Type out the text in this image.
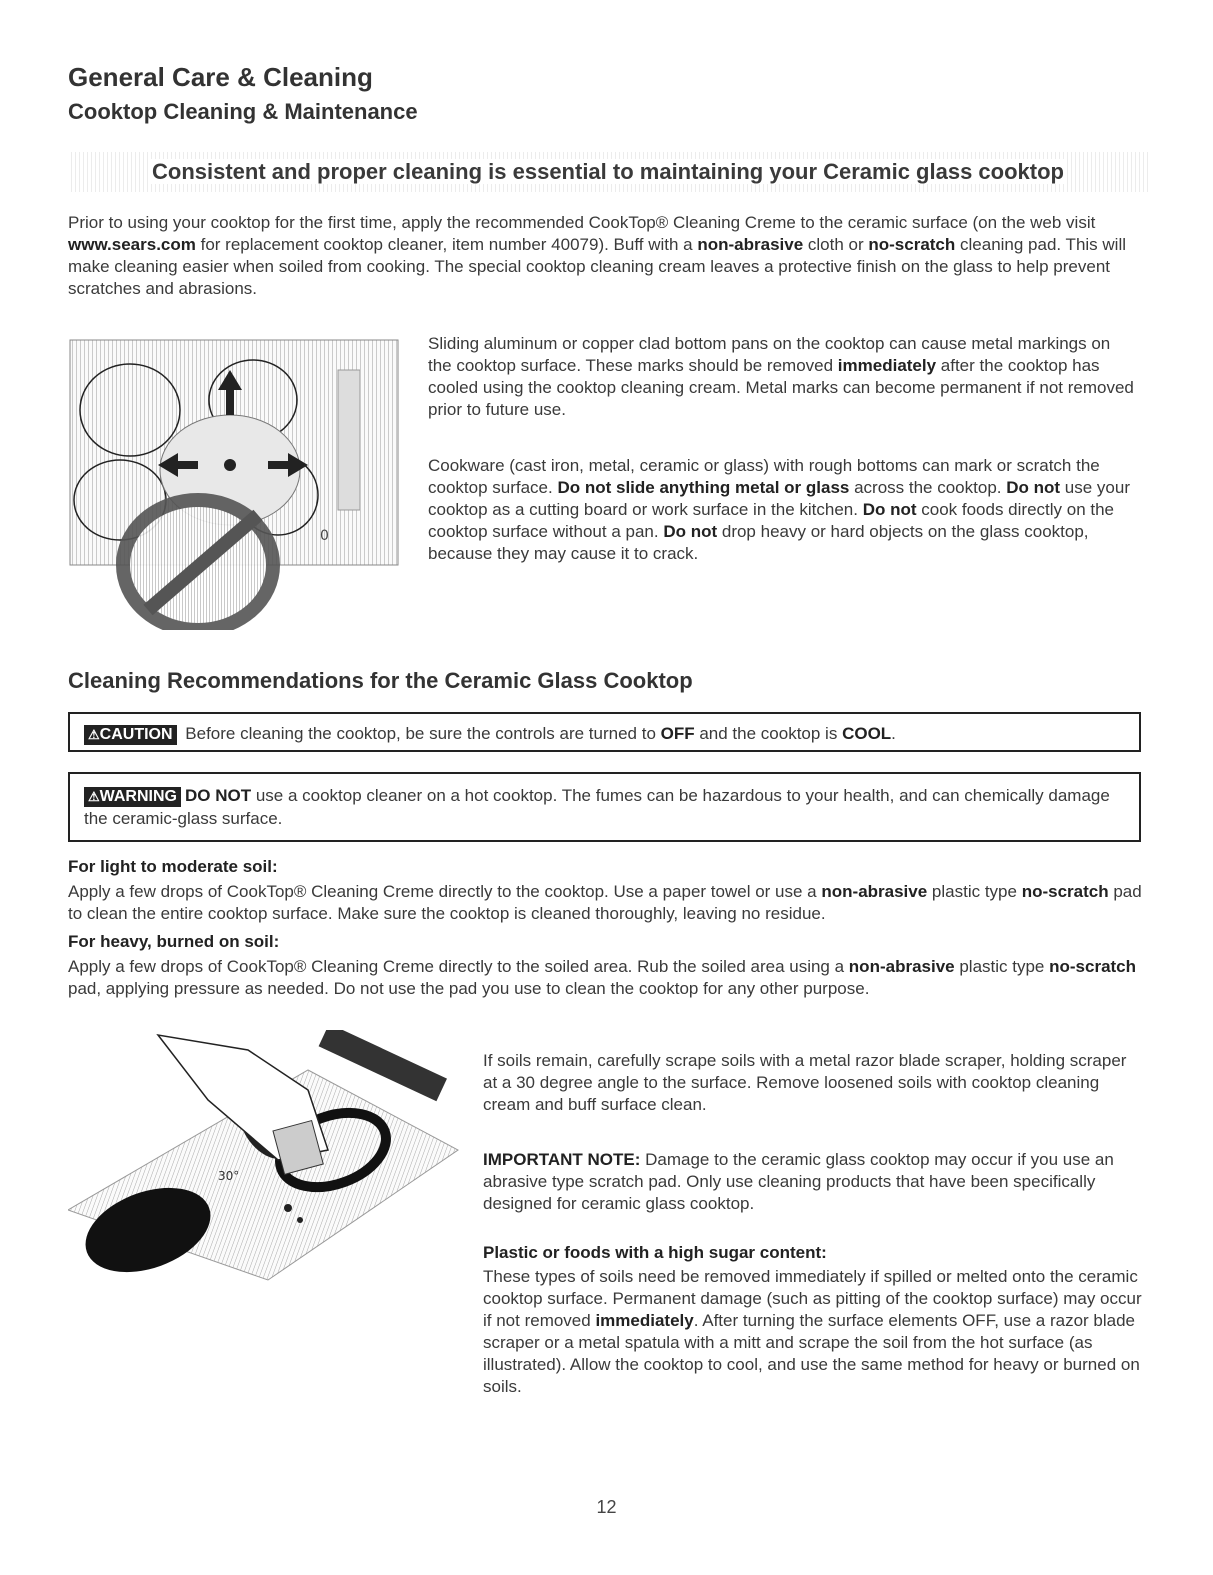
General Care & Cleaning
Cooktop Cleaning & Maintenance
Consistent and proper cleaning is essential to maintaining your Ceramic glass cooktop

Prior to using your cooktop for the first time, apply the recommended CookTop® Cleaning Creme to the ceramic surface (on the web visit www.sears.com for replacement cooktop cleaner, item number 40079). Buff with a non-abrasive cloth or no-scratch cleaning pad. This will make cleaning easier when soiled from cooking. The special cooktop cleaning cream leaves a protective finish on the glass to help prevent scratches and abrasions.

0

Sliding aluminum or copper clad bottom pans on the cooktop can cause metal markings on the cooktop surface. These marks should be removed immediately after the cooktop has cooled using the cooktop cleaning cream. Metal marks can become permanent if not removed prior to future use.

Cookware (cast iron, metal, ceramic or glass) with rough bottoms can mark or scratch the cooktop surface. Do not slide anything metal or glass across the cooktop. Do not use your cooktop as a cutting board or work surface in the kitchen. Do not cook foods directly on the cooktop surface without a pan. Do not drop heavy or hard objects on the glass cooktop, because they may cause it to crack.

Cleaning Recommendations for the Ceramic Glass Cooktop
⚠CAUTION Before cleaning the cooktop, be sure the controls are turned to OFF and the cooktop is COOL.
⚠WARNING DO NOT use a cooktop cleaner on a hot cooktop. The fumes can be hazardous to your health, and can chemically damage the ceramic-glass surface.
For light to moderate soil:

Apply a few drops of CookTop® Cleaning Creme directly to the cooktop. Use a paper towel or use a non-abrasive plastic type no-scratch pad to clean the entire cooktop surface. Make sure the cooktop is cleaned thoroughly, leaving no residue.

For heavy, burned on soil:

Apply a few drops of CookTop® Cleaning Creme directly to the soiled area. Rub the soiled area using a non-abrasive plastic type no-scratch pad, applying pressure as needed. Do not use the pad you use to clean the cooktop for any other purpose.

30°

If soils remain, carefully scrape soils with a metal razor blade scraper, holding scraper at a 30 degree angle to the surface. Remove loosened soils with cooktop cleaning cream and buff surface clean.

IMPORTANT NOTE: Damage to the ceramic glass cooktop may occur if you use an abrasive type scratch pad. Only use cleaning products that have been specifically designed for ceramic glass cooktop.

Plastic or foods with a high sugar content:

These types of soils need be removed immediately if spilled or melted onto the ceramic cooktop surface. Permanent damage (such as pitting of the cooktop surface) may occur if not removed immediately. After turning the surface elements OFF, use a razor blade scraper or a metal spatula with a mitt and scrape the soil from the hot surface (as illustrated). Allow the cooktop to cool, and use the same method for heavy or burned on soils.

12
